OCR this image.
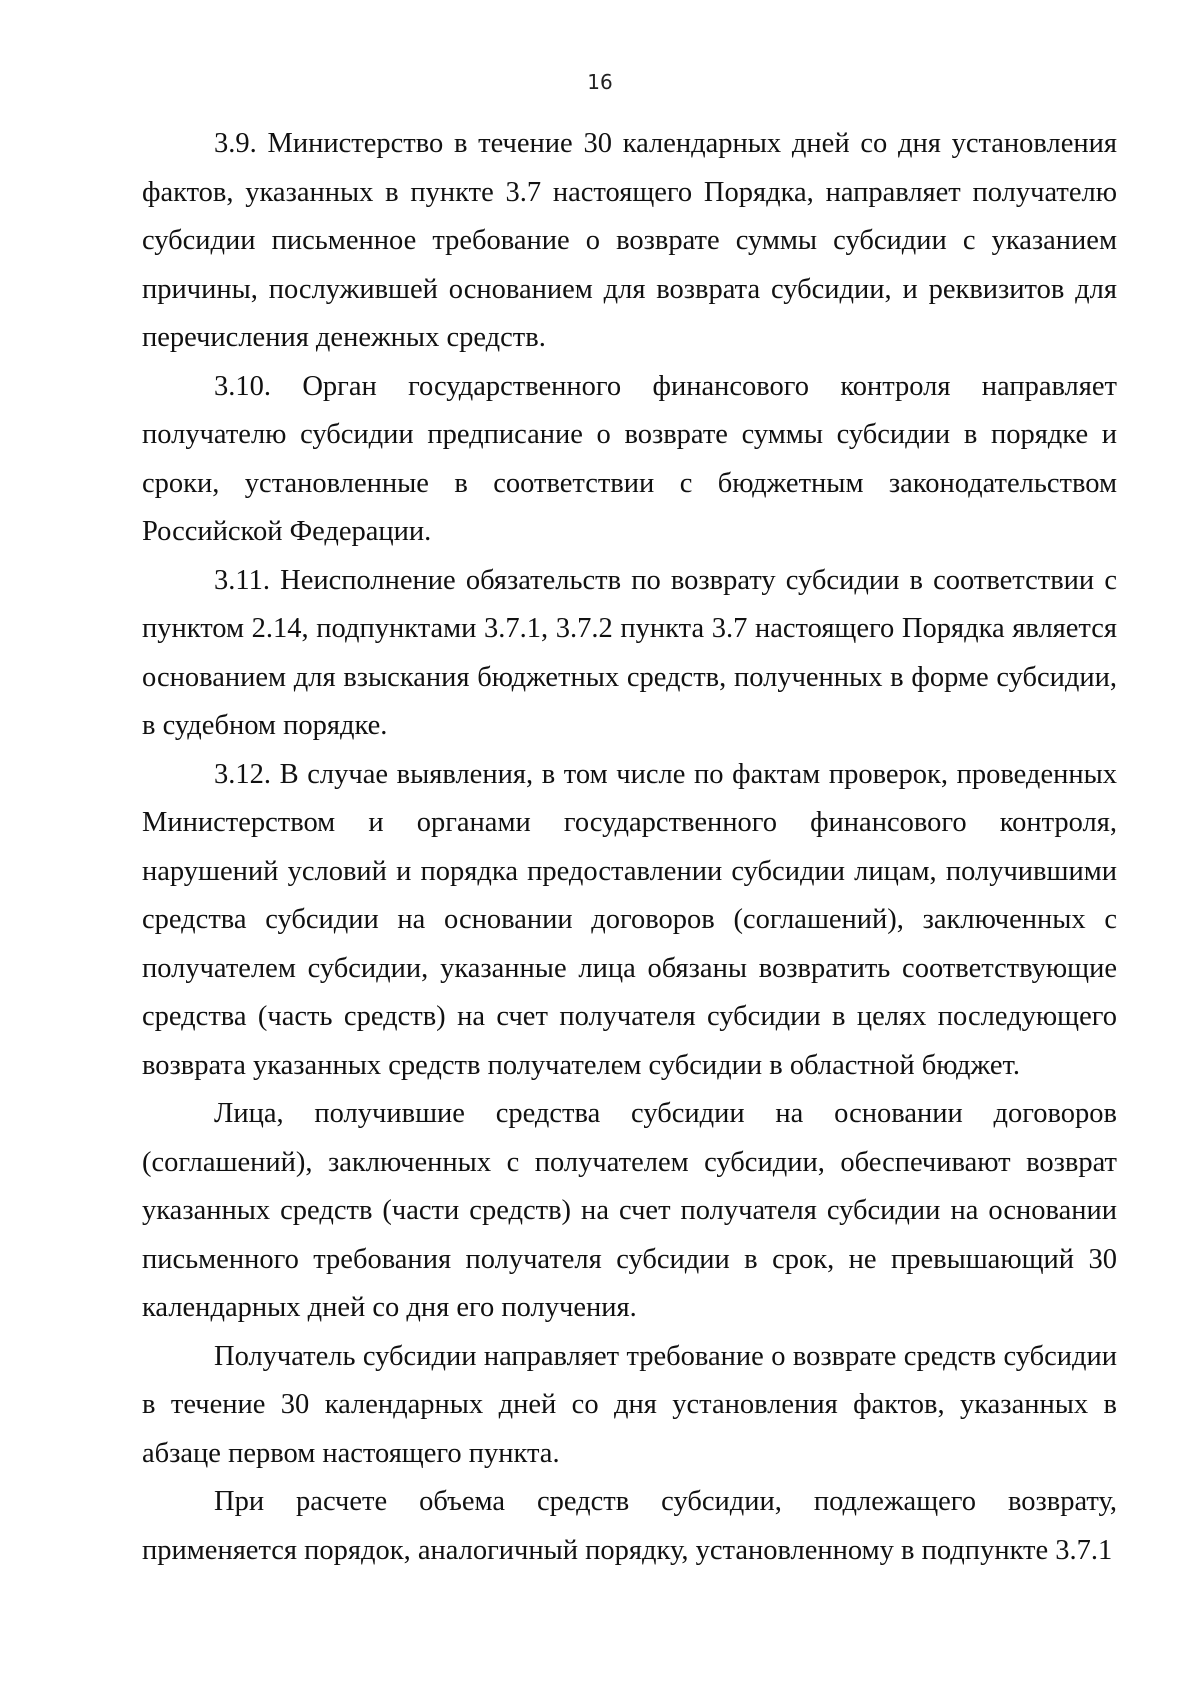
16

3.9. Министерство в течение 30 календарных дней со дня установления фактов, указанных в пункте 3.7 настоящего Порядка, направляет получателю субсидии письменное требование о возврате суммы субсидии с указанием причины, послужившей основанием для возврата субсидии, и реквизитов для перечисления денежных средств.

3.10. Орган государственного финансового контроля направляет получателю субсидии предписание о возврате суммы субсидии в порядке и сроки, установленные в соответствии с бюджетным законодательством Российской Федерации.

3.11. Неисполнение обязательств по возврату субсидии в соответствии с пунктом 2.14, подпунктами 3.7.1, 3.7.2 пункта 3.7 настоящего Порядка является основанием для взыскания бюджетных средств, полученных в форме субсидии, в судебном порядке.

3.12. В случае выявления, в том числе по фактам проверок, проведенных Министерством и органами государственного финансового контроля, нарушений условий и порядка предоставлении субсидии лицам, получившими средства субсидии на основании договоров (соглашений), заключенных с получателем субсидии, указанные лица обязаны возвратить соответствующие средства (часть средств) на счет получателя субсидии в целях последующего возврата указанных средств получателем субсидии в областной бюджет.

Лица, получившие средства субсидии на основании договоров (соглашений), заключенных с получателем субсидии, обеспечивают возврат указанных средств (части средств) на счет получателя субсидии на основании письменного требования получателя субсидии в срок, не превышающий 30 календарных дней со дня его получения.

Получатель субсидии направляет требование о возврате средств субсидии в течение 30 календарных дней со дня установления фактов, указанных в абзаце первом настоящего пункта.

При расчете объема средств субсидии, подлежащего возврату, применяется порядок, аналогичный порядку, установленному в подпункте 3.7.1
